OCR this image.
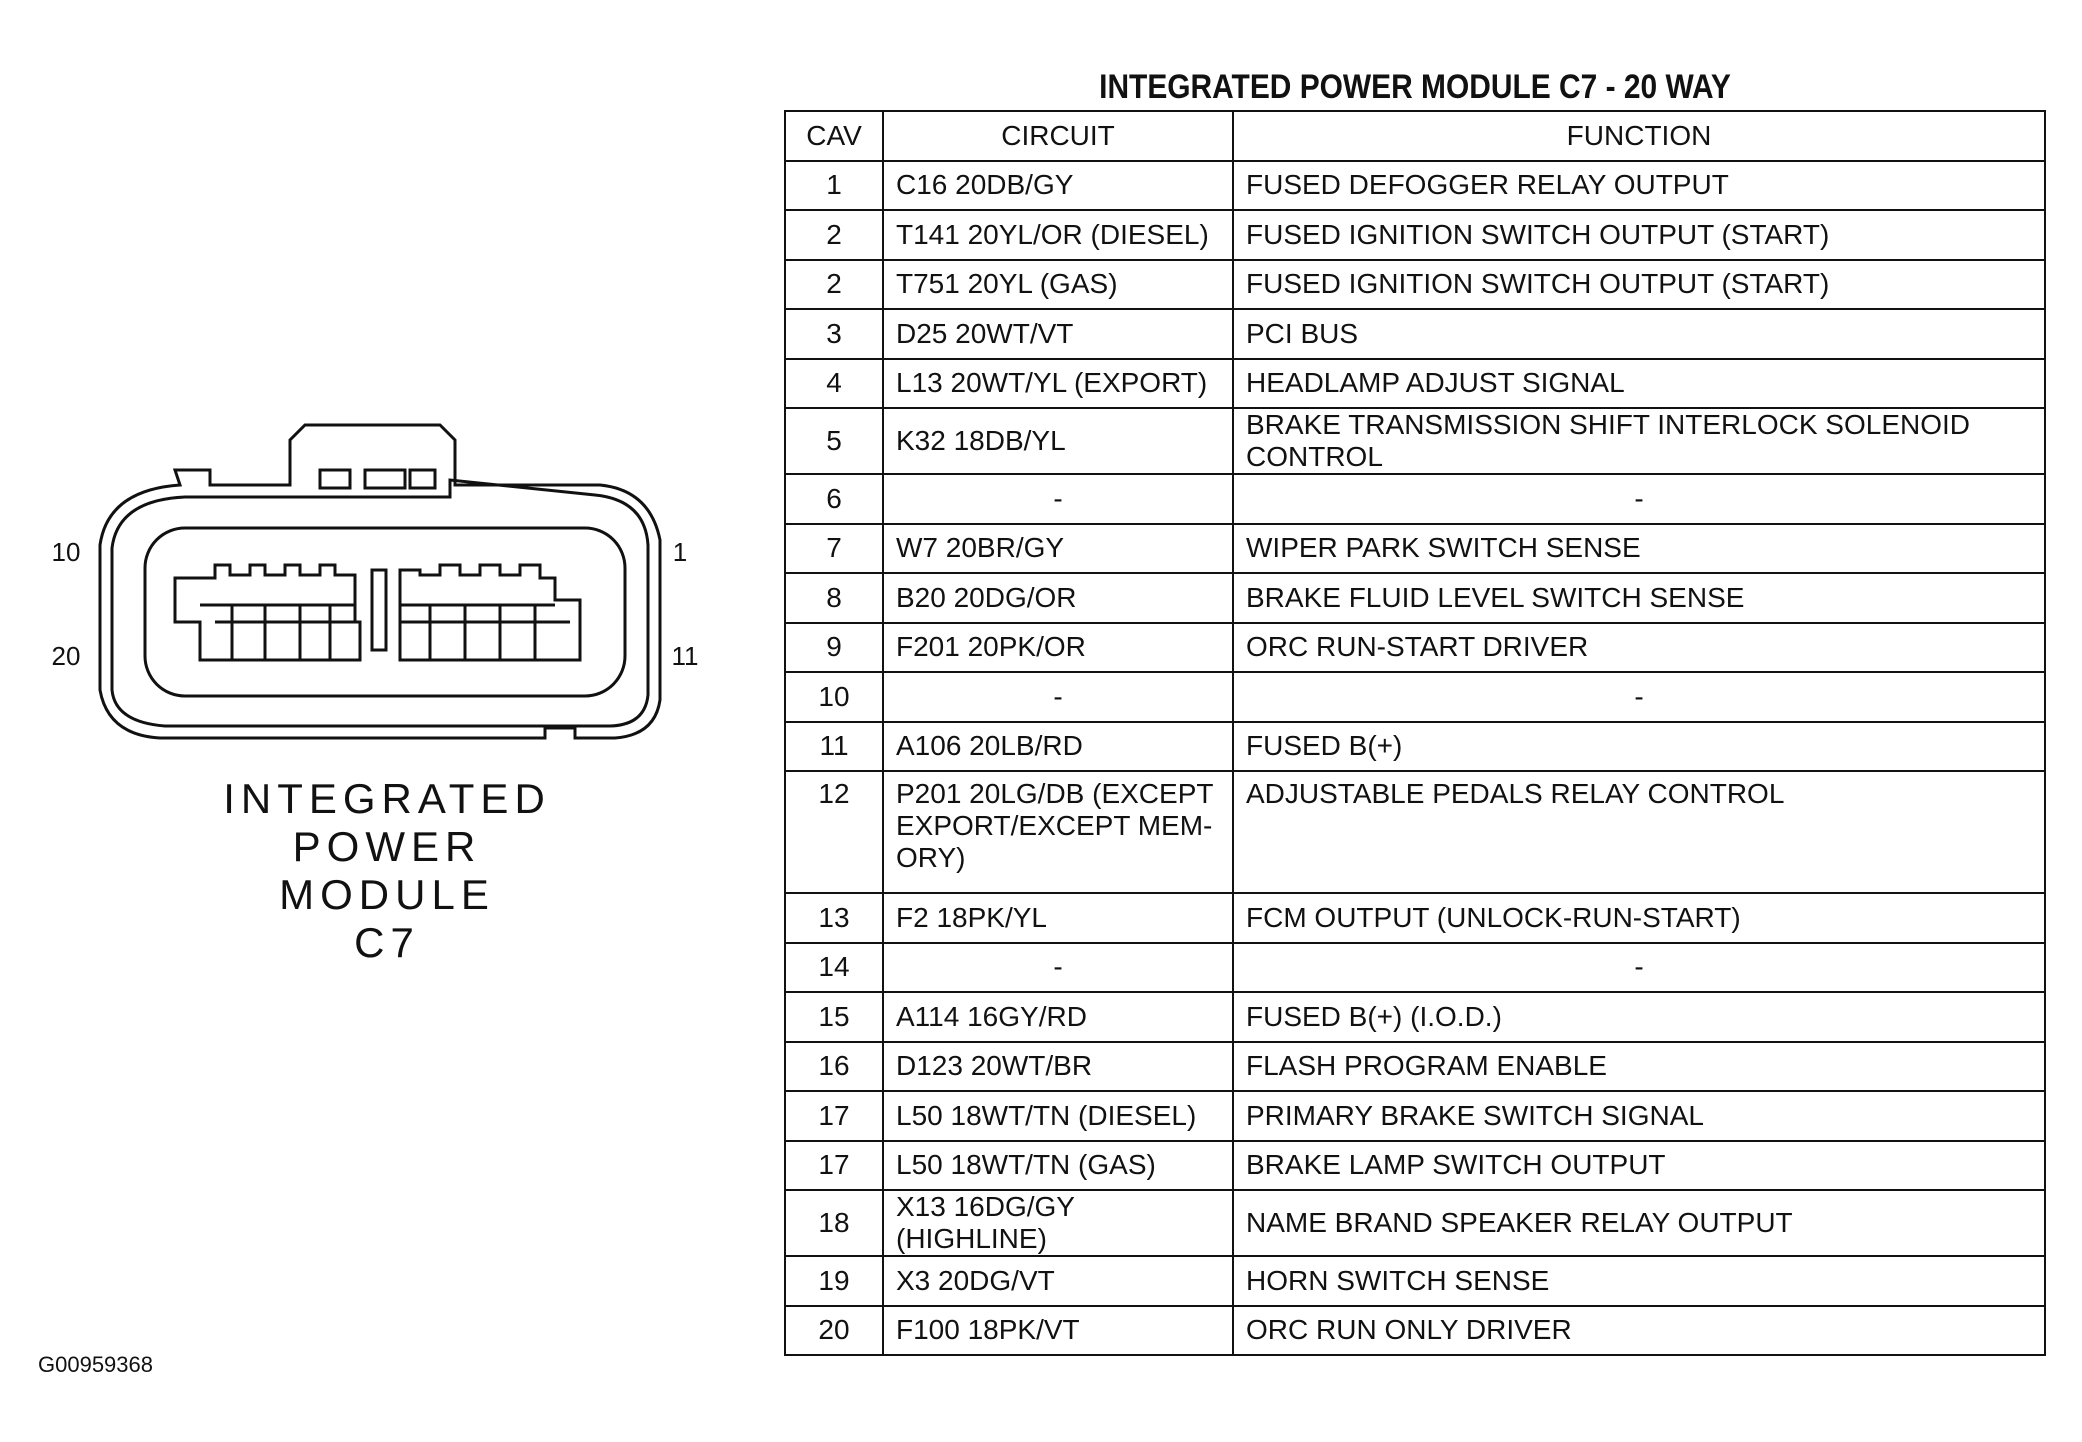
10
20
1
11
INTEGRATED
POWER
MODULE
C7
INTEGRATED POWER MODULE C7 - 20 WAY
CAV	CIRCUIT	FUNCTION
1	C16 20DB/GY	FUSED DEFOGGER RELAY OUTPUT
2	T141 20YL/OR (DIESEL)	FUSED IGNITION SWITCH OUTPUT (START)
2	T751 20YL (GAS)	FUSED IGNITION SWITCH OUTPUT (START)
3	D25 20WT/VT	PCI BUS
4	L13 20WT/YL (EXPORT)	HEADLAMP ADJUST SIGNAL
5	K32 18DB/YL	BRAKE TRANSMISSION SHIFT INTERLOCK SOLENOID CONTROL
6	-	-
7	W7 20BR/GY	WIPER PARK SWITCH SENSE
8	B20 20DG/OR	BRAKE FLUID LEVEL SWITCH SENSE
9	F201 20PK/OR	ORC RUN-START DRIVER
10	-	-
11	A106 20LB/RD	FUSED B(+)
12	P201 20LG/DB (EXCEPT EXPORT/EXCEPT MEM-ORY)	ADJUSTABLE PEDALS RELAY CONTROL
13	F2 18PK/YL	FCM OUTPUT (UNLOCK-RUN-START)
14	-	-
15	A114 16GY/RD	FUSED B(+) (I.O.D.)
16	D123 20WT/BR	FLASH PROGRAM ENABLE
17	L50 18WT/TN (DIESEL)	PRIMARY BRAKE SWITCH SIGNAL
17	L50 18WT/TN (GAS)	BRAKE LAMP SWITCH OUTPUT
18	X13 16DG/GY (HIGHLINE)	NAME BRAND SPEAKER RELAY OUTPUT
19	X3 20DG/VT	HORN SWITCH SENSE
20	F100 18PK/VT	ORC RUN ONLY DRIVER
G00959368
